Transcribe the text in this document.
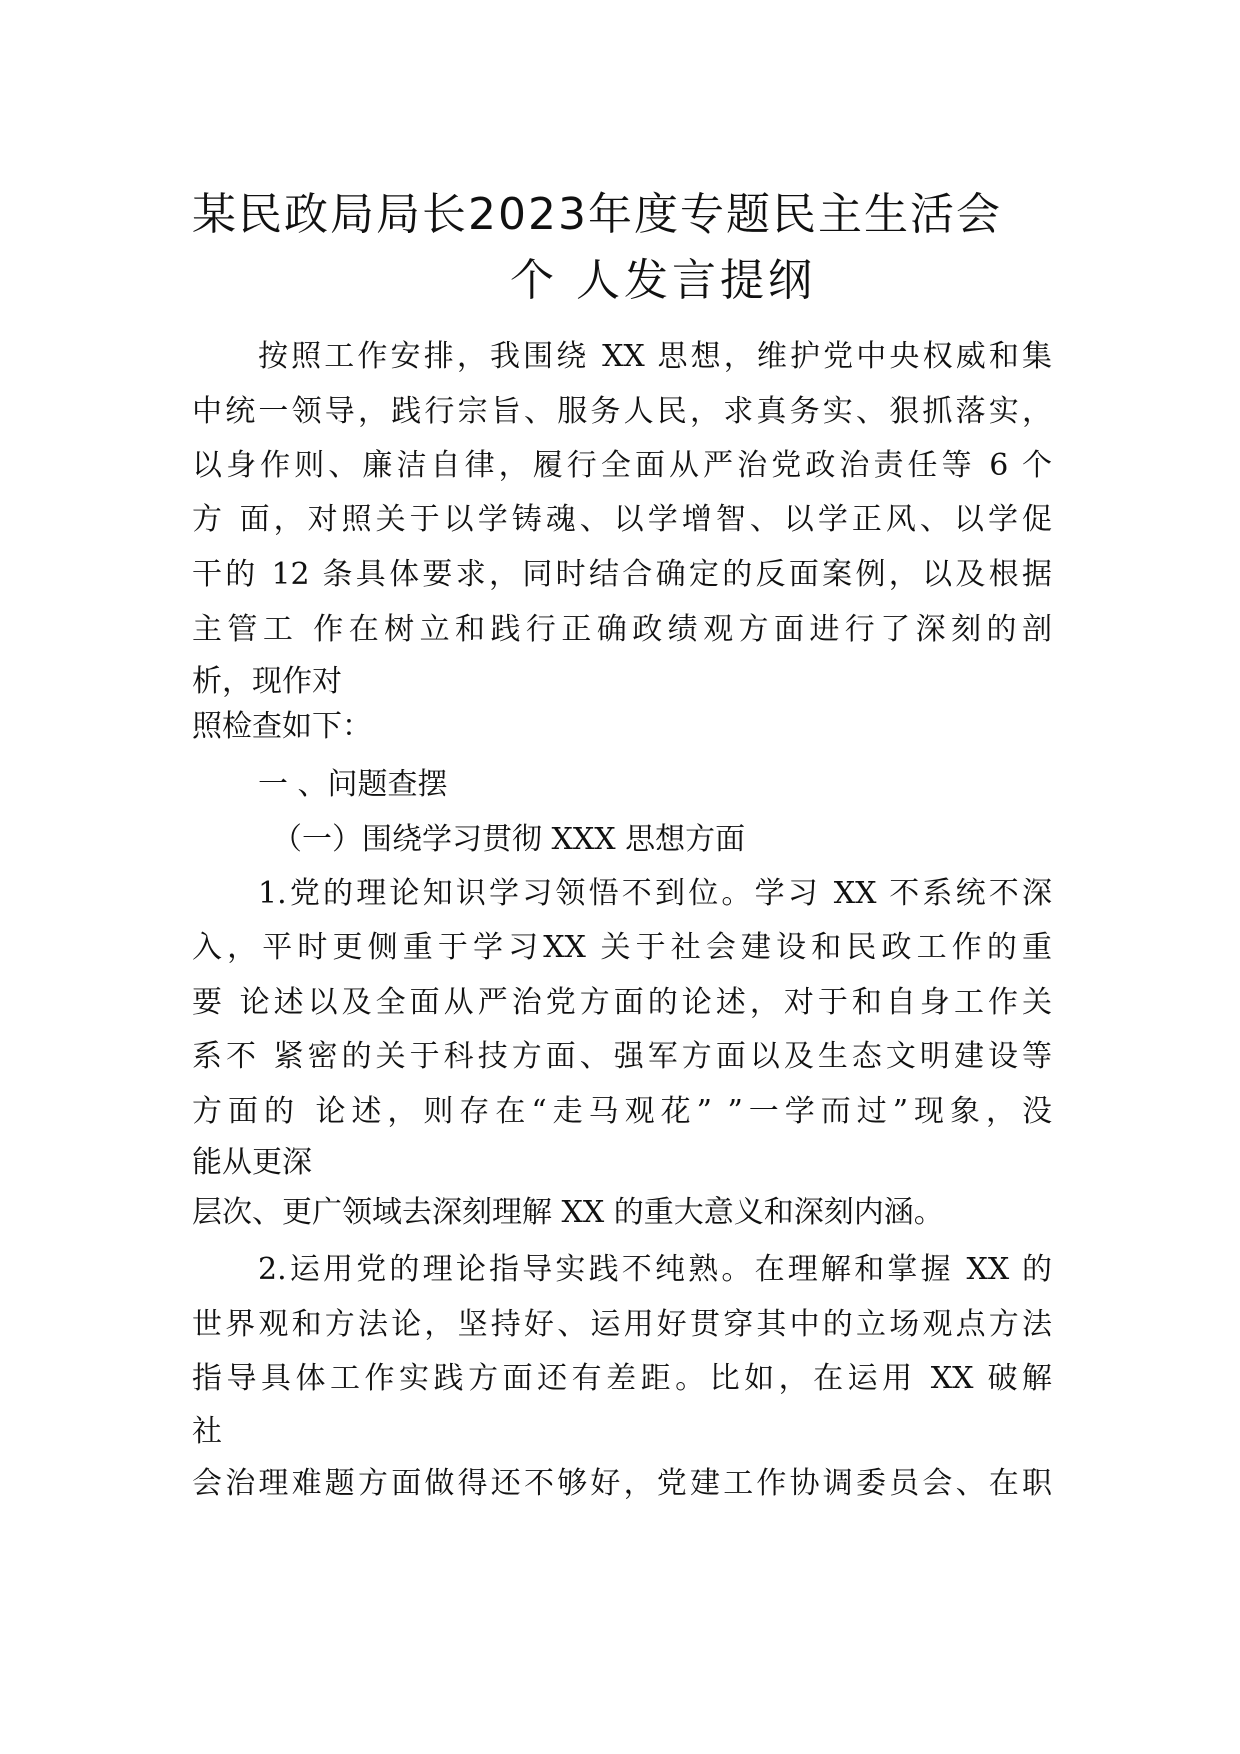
某民政局局长2023年度专题民主生活会
个 人发言提纲
按照工作安排，我围绕 XX 思想，维护党中央权威和集
中统一领导，践行宗旨、服务人民，求真务实、狠抓落实，
以身作则、廉洁自律，履行全面从严治党政治责任等 6 个
方 面，对照关于以学铸魂、以学增智、以学正风、以学促
干的 12 条具体要求，同时结合确定的反面案例，以及根据
主管工 作在树立和践行正确政绩观方面进行了深刻的剖
析，现作对
照检查如下：
一 、问题查摆
（一）围绕学习贯彻 XXX 思想方面
1.党的理论知识学习领悟不到位。学习 XX 不系统不深
入，平时更侧重于学习XX 关于社会建设和民政工作的重
要 论述以及全面从严治党方面的论述，对于和自身工作关
系不 紧密的关于科技方面、强军方面以及生态文明建设等
方面的 论述，则存在“走马观花” ”一学而过”现象，没
能从更深
层次、更广领域去深刻理解 XX 的重大意义和深刻内涵。
2.运用党的理论指导实践不纯熟。在理解和掌握 XX 的
世界观和方法论，坚持好、运用好贯穿其中的立场观点方法
指导具体工作实践方面还有差距。比如，在运用 XX 破解
社
会治理难题方面做得还不够好，党建工作协调委员会、在职
